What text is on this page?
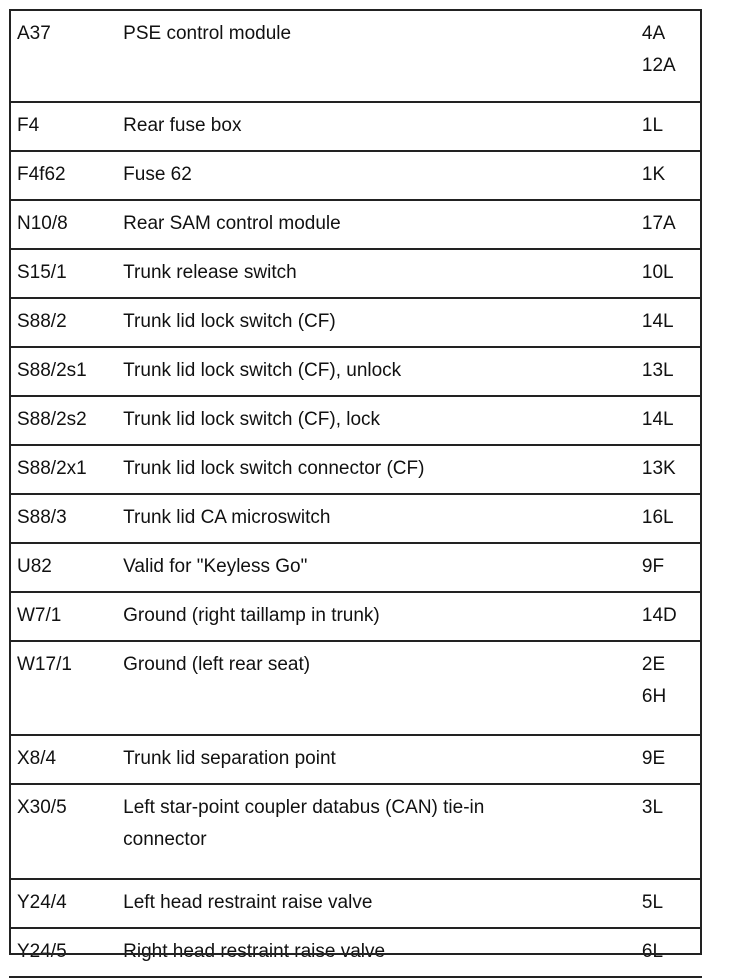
A37	PSE control module	4A
12A

F4	Rear fuse box	1L

F4f62	Fuse 62	1K

N10/8	Rear SAM control module	17A

S15/1	Trunk release switch	10L

S88/2	Trunk lid lock switch (CF)	14L

S88/2s1	Trunk lid lock switch (CF), unlock	13L

S88/2s2	Trunk lid lock switch (CF), lock	14L

S88/2x1	Trunk lid lock switch connector (CF)	13K

S88/3	Trunk lid CA microswitch	16L

U82	Valid for "Keyless Go"	9F

W7/1	Ground (right taillamp in trunk)	14D

W17/1	Ground (left rear seat)	2E
6H

X8/4	Trunk lid separation point	9E

X30/5	Left star-point coupler databus (CAN) tie-in
connector	3L

Y24/4	Left head restraint raise valve	5L

Y24/5	Right head restraint raise valve	6L
